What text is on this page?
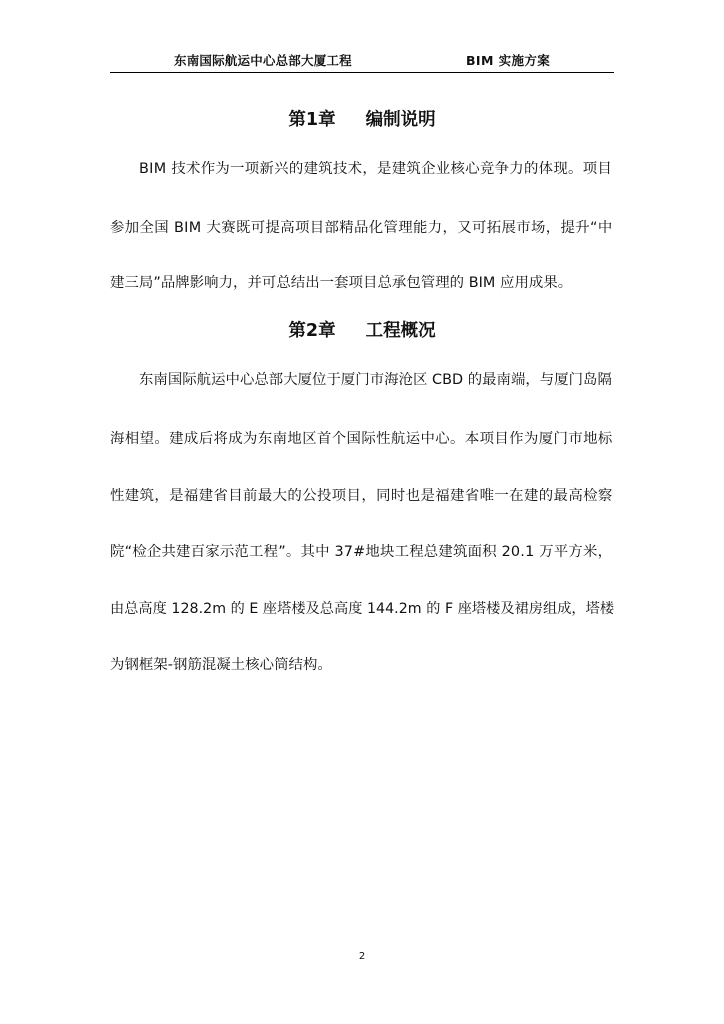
东南国际航运中心总部大厦工程	BIM 实施方案
第1章 编制说明
BIM 技术作为一项新兴的建筑技术，是建筑企业核心竞争力的体现。项目
参加全国 BIM 大赛既可提高项目部精品化管理能力，又可拓展市场，提升“中
建三局”品牌影响力，并可总结出一套项目总承包管理的 BIM 应用成果。
第2章 工程概况
东南国际航运中心总部大厦位于厦门市海沧区 CBD 的最南端，与厦门岛隔
海相望。建成后将成为东南地区首个国际性航运中心。本项目作为厦门市地标
性建筑，是福建省目前最大的公投项目，同时也是福建省唯一在建的最高检察
院“检企共建百家示范工程”。其中 37#地块工程总建筑面积 20.1 万平方米，
由总高度 128.2m 的 E 座塔楼及总高度 144.2m 的 F 座塔楼及裙房组成，塔楼
为钢框架-钢筋混凝土核心筒结构。
2
